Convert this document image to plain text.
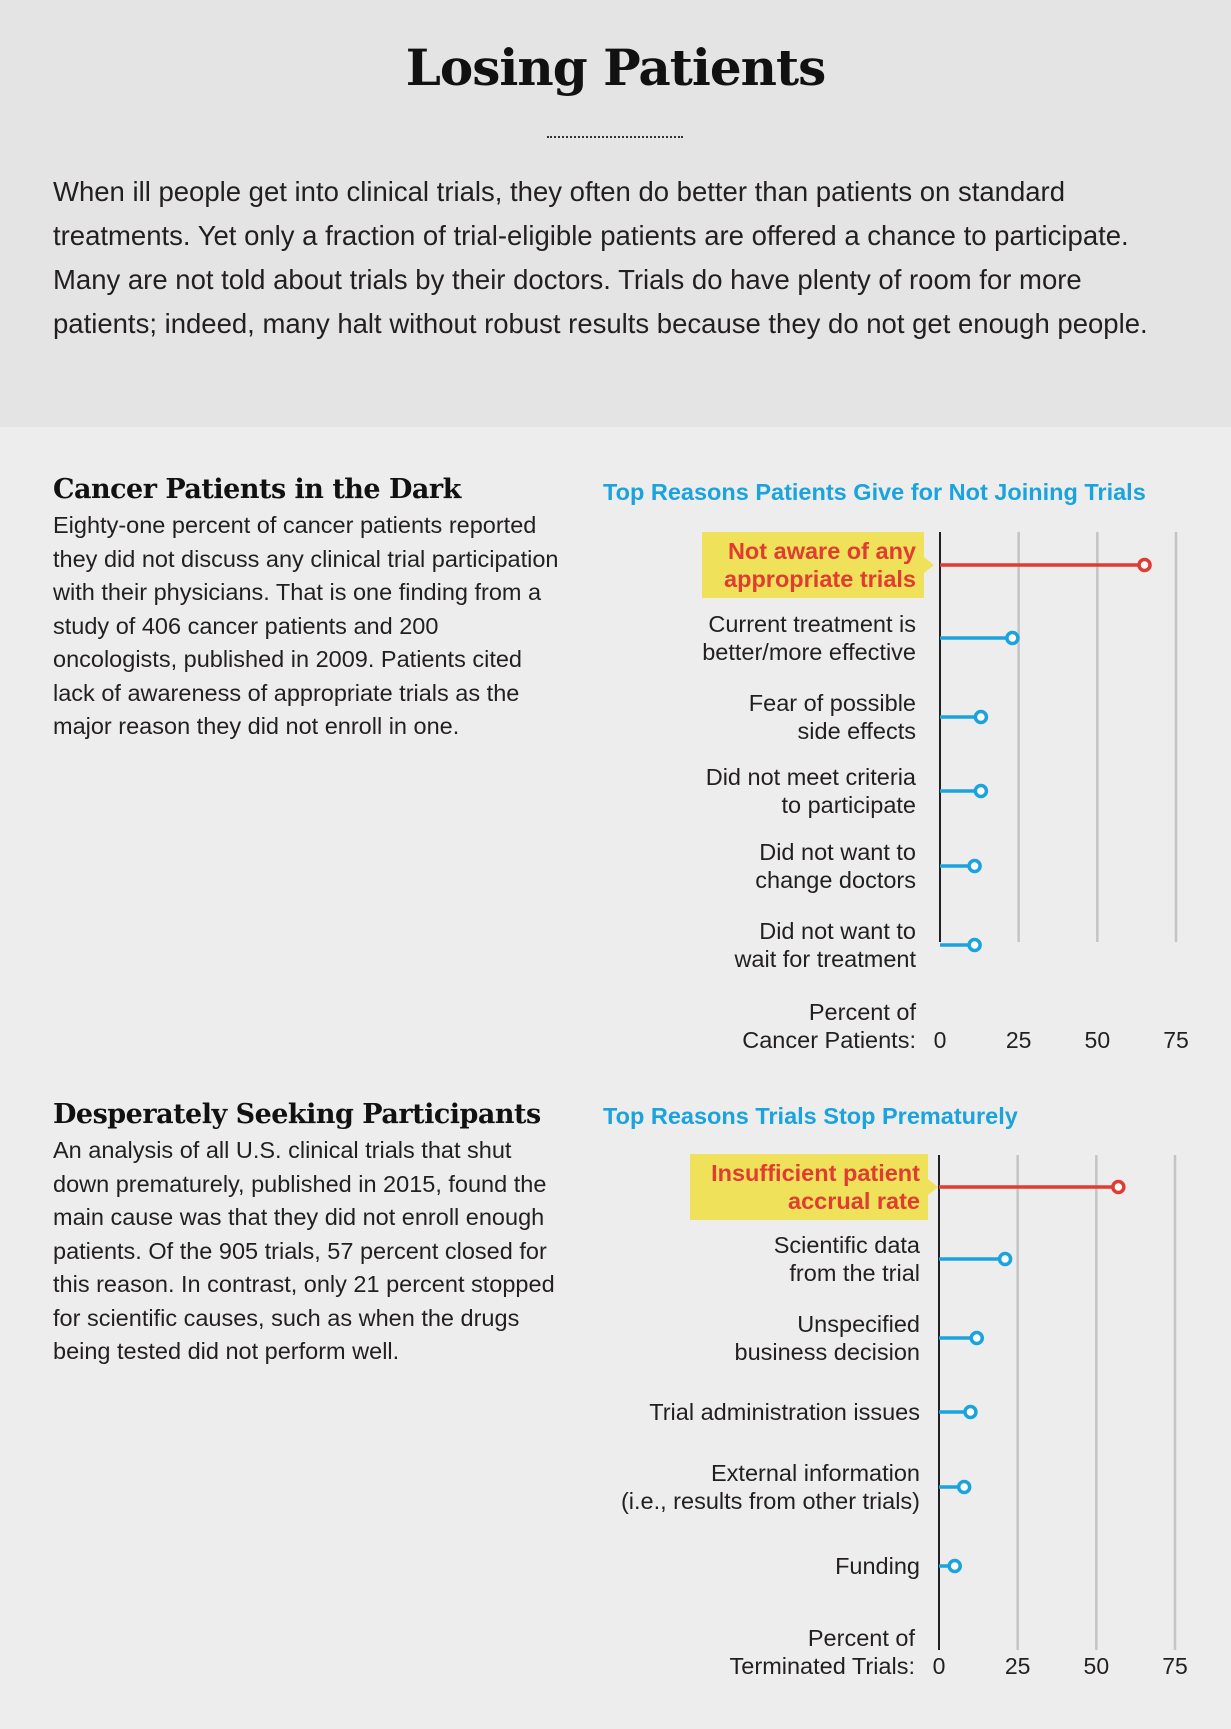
Losing Patients
When ill people get into clinical trials, they often do better than patients on standard treatments. Yet only a fraction of trial-eligible patients are offered a chance to participate. Many are not told about trials by their doctors. Trials do have plenty of room for more patients; indeed, many halt without robust results because they do not get enough people.
Cancer Patients in the Dark
Eighty-one percent of cancer patients reported they did not discuss any clinical trial participation with their physicians. That is one finding from a study of 406 cancer patients and 200 oncologists, published in 2009. Patients cited lack of awareness of appropriate trials as the major reason they did not enroll in one.
Desperately Seeking Participants
An analysis of all U.S. clinical trials that shut down prematurely, published in 2015, found the main cause was that they did not enroll enough patients. Of the 905 trials, 57 percent closed for this reason. In contrast, only 21 percent stopped for scientific causes, such as when the drugs being tested did not perform well.
Top Reasons Patients Give for Not Joining Trials
0	25 50 75
Percent of
Cancer Patients:
Not aware of any
appropriate trials
Current treatment is
better/more effective
Fear of possible
side effects
Did not meet criteria
to participate
Did not want to
change doctors
Did not want to
wait for treatment
Top Reasons Trials Stop Prematurely
0	25 50 75
Percent of
Terminated Trials:
Insufficient patient
accrual rate
Scientific data
from the trial
Unspecified
business decision
Trial administration issues
External information
(i.e., results from other trials)
Funding
